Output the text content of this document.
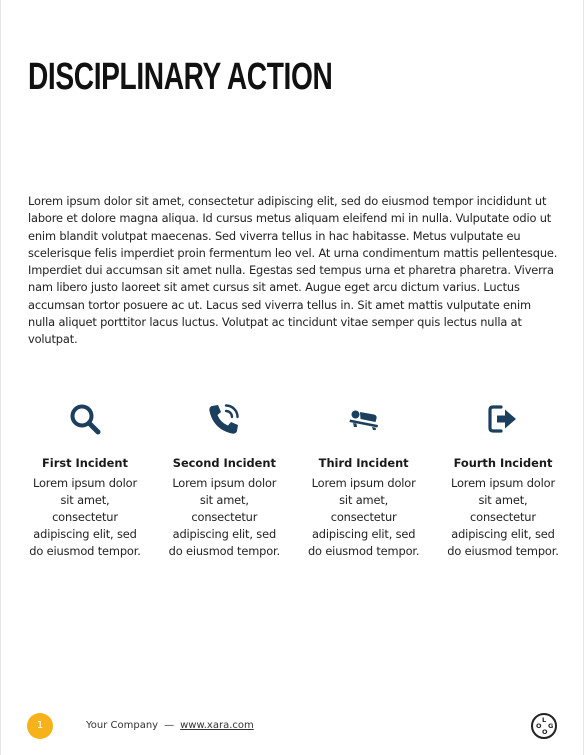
DISCIPLINARY ACTION

Lorem ipsum dolor sit amet, consectetur adipiscing elit, sed do eiusmod tempor incididunt ut labore et dolore magna aliqua. Id cursus metus aliquam eleifend mi in nulla. Vulputate odio ut enim blandit volutpat maecenas. Sed viverra tellus in hac habitasse. Metus vulputate eu scelerisque felis imperdiet proin fermentum leo vel. At urna condimentum mattis pellentesque. Imperdiet dui accumsan sit amet nulla. Egestas sed tempus urna et pharetra pharetra. Viverra nam libero justo laoreet sit amet cursus sit amet. Augue eget arcu dictum varius. Luctus accumsan tortor posuere ac ut. Lacus sed viverra tellus in. Sit amet mattis vulputate enim nulla aliquet porttitor lacus luctus. Volutpat ac tincidunt vitae semper quis lectus nulla at volutpat.

First Incident
Lorem ipsum dolor sit amet, consectetur adipiscing elit, sed do eiusmod tempor.
Second Incident
Lorem ipsum dolor sit amet, consectetur adipiscing elit, sed do eiusmod tempor.
Third Incident
Lorem ipsum dolor sit amet, consectetur adipiscing elit, sed do eiusmod tempor.
Fourth Incident
Lorem ipsum dolor sit amet, consectetur adipiscing elit, sed do eiusmod tempor.
1	Your Company — www.xara.com	L
O G
O
